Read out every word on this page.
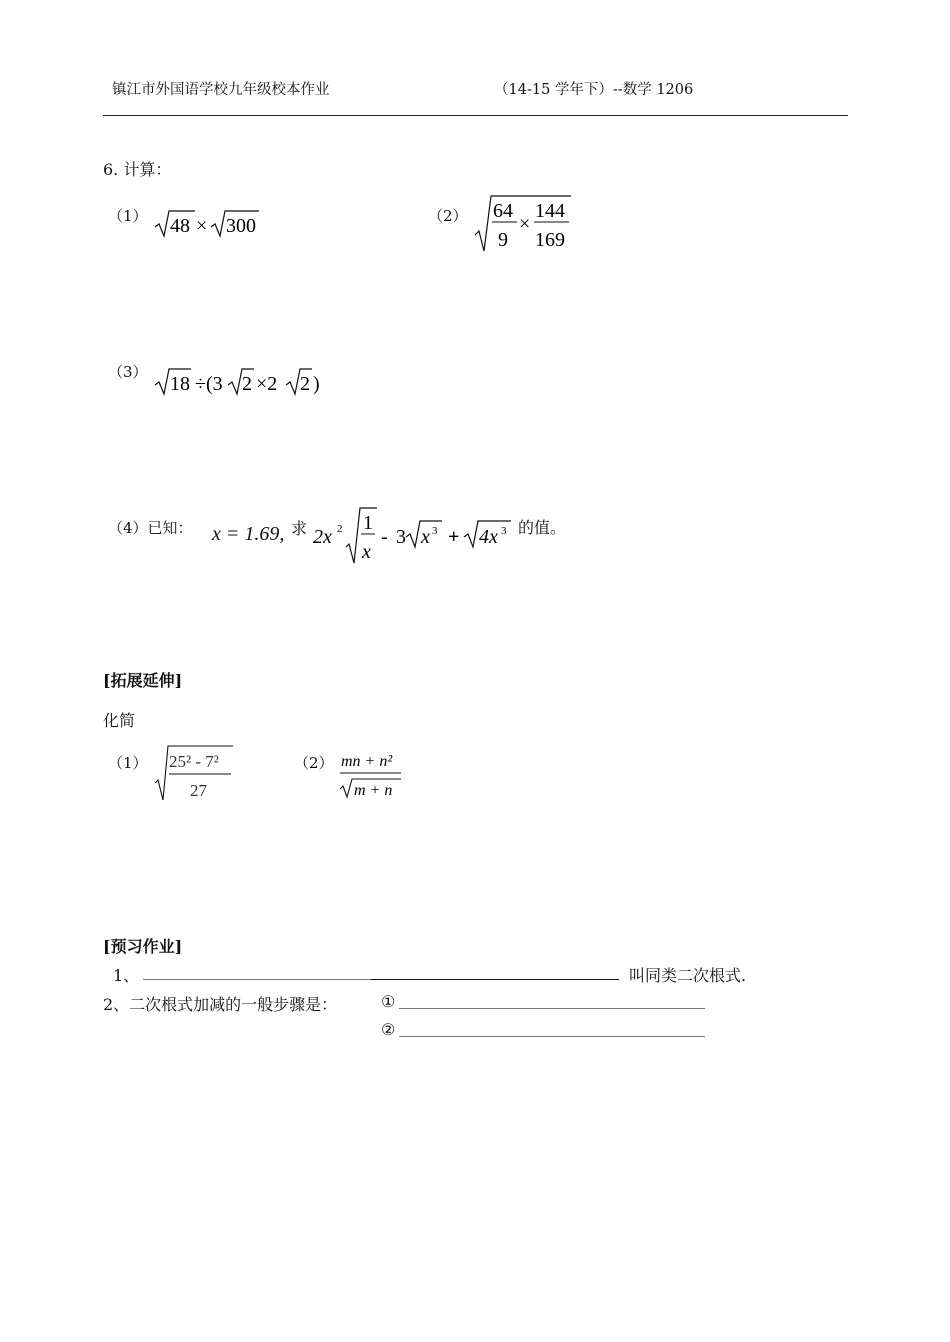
镇江市外国语学校九年级校本作业	（14-15 学年下）--数学 1206
6. 计算：
（1） 48 × 300	（2） 64
9
×
144
169
（3）
18 ÷(3 2 ×2 2 )
（4）已知： x = 1.69, 求 2x 2 1
x
- 3 x 3 + 4x 3 的值。
[拓展延伸]
化简
（1） 25² - 7²
27
（2） mn + n²
m + n
[预习作业]
1、	叫同类二次根式.
2、二次根式加减的一般步骤是：	①
②
